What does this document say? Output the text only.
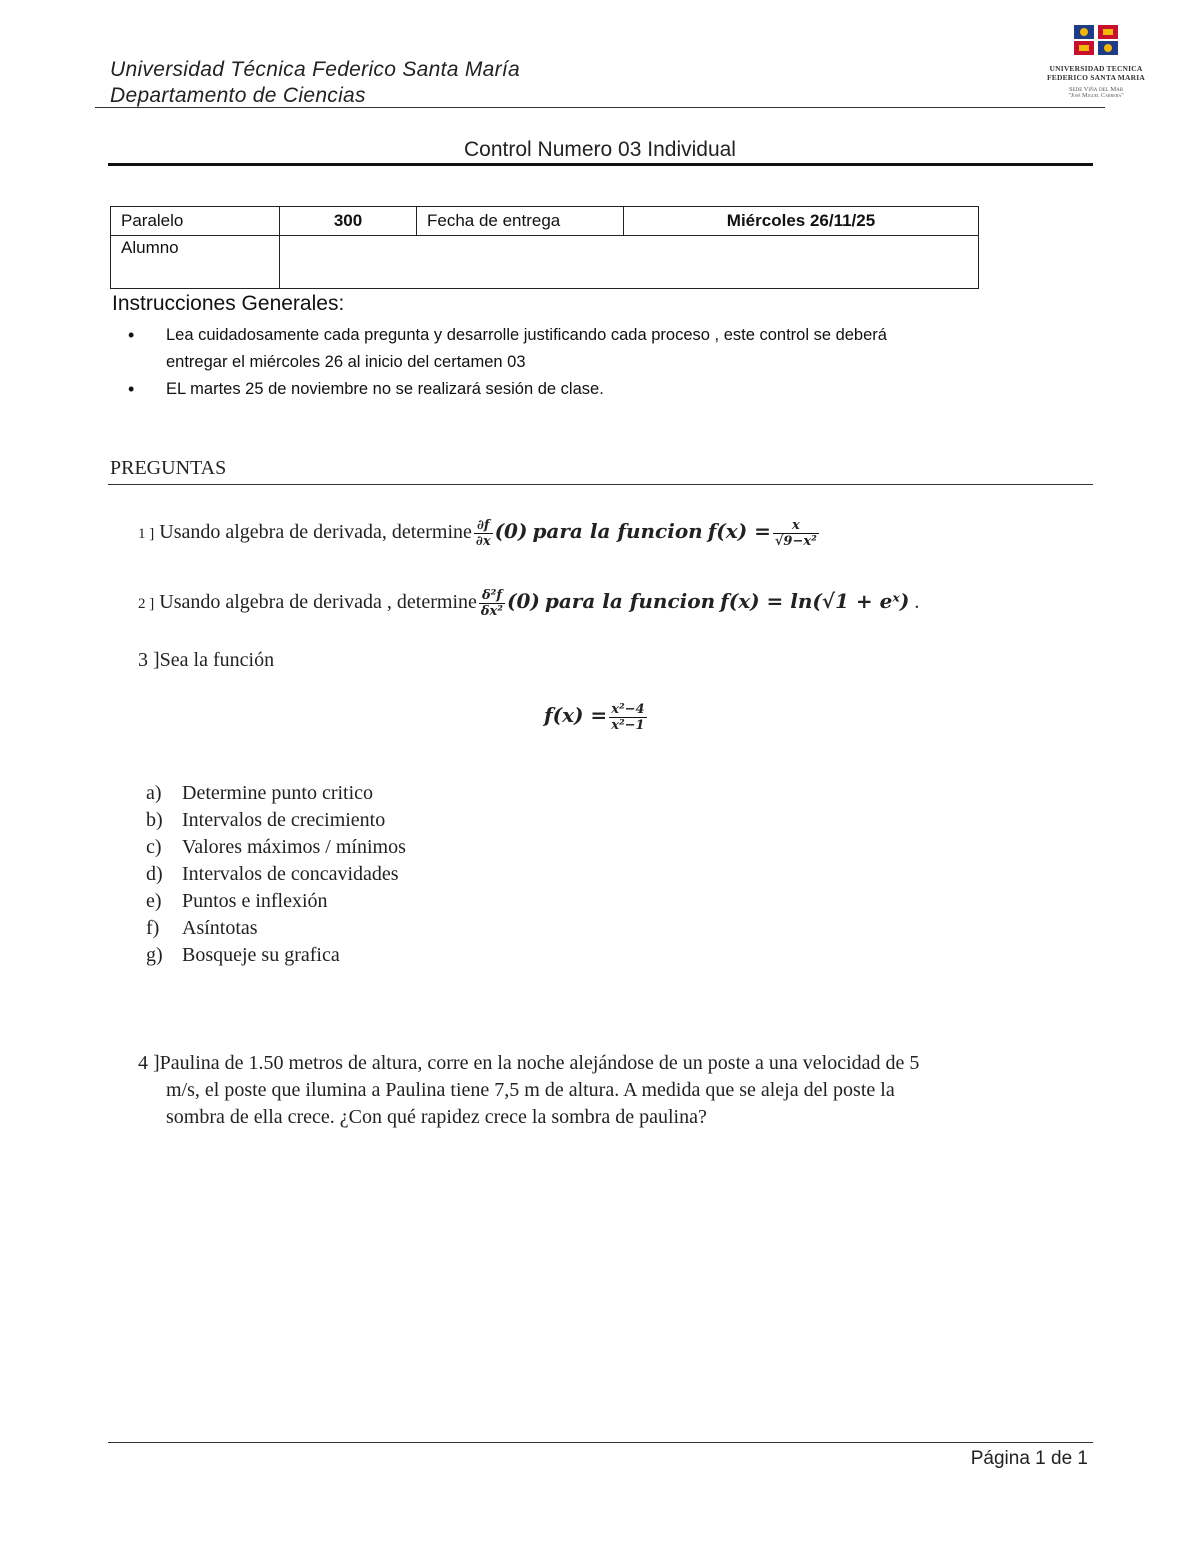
Universidad Técnica Federico Santa María
Departamento de Ciencias
UNIVERSIDAD TECNICA
FEDERICO SANTA MARIA
Sede Viña del Mar
"José Miguel Carrera"
Control Numero 03 Individual
Paralelo	300	Fecha de entrega	Miércoles 26/11/25
Alumno			
Instrucciones Generales:
• Lea cuidadosamente cada pregunta y desarrolle justificando cada proceso , este control se deberá
entregar el miércoles 26 al inicio del certamen 03
• EL martes 25 de noviembre no se realizará sesión de clase.
PREGUNTAS
1 ] Usando algebra de derivada, determine $\frac{\partial f}{\partial x} (0)$ para la funcion $f(x) = \frac{x}{\text{√9−x²}}$
2 ] Usando algebra de derivada , determine $\frac{\text{δ²f}}{\text{δx²}} (0)$ para la funcion f(x) = ln(√1 + eˣ) .
3 ]Sea la función
$f(x) = \frac{\text{x²−4}}{\text{x²−1}}$
a) Determine punto critico
b) Intervalos de crecimiento
c) Valores máximos / mínimos
d) Intervalos de concavidades
e) Puntos e inflexión
f) Asíntotas
g) Bosqueje su grafica
4 ]Paulina de 1.50 metros de altura, corre en la noche alejándose de un poste a una velocidad de 5
m/s, el poste que ilumina a Paulina tiene 7,5 m de altura. A medida que se aleja del poste la
sombra de ella crece. ¿Con qué rapidez crece la sombra de paulina?
Página 1 de 1
